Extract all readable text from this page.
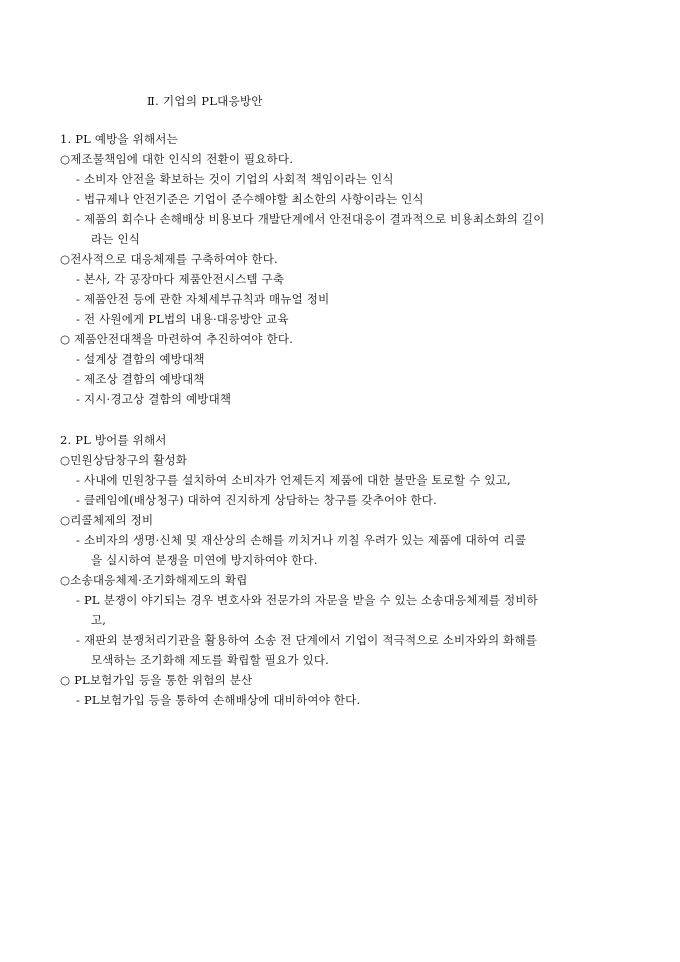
Ⅱ. 기업의 PL대응방안
1. PL 예방을 위해서는
○제조물책임에 대한 인식의 전환이 필요하다.
- 소비자 안전을 확보하는 것이 기업의 사회적 책임이라는 인식
- 법규제나 안전기준은 기업이 준수해야할 최소한의 사항이라는 인식
- 제품의 회수나 손해배상 비용보다 개발단계에서 안전대응이 결과적으로 비용최소화의 길이
라는 인식
○전사적으로 대응체제를 구축하여야 한다.
- 본사, 각 공장마다 제품안전시스템 구축
- 제품안전 등에 관한 자체세부규칙과 매뉴얼 정비
- 전 사원에게 PL법의 내용·대응방안 교육
○ 제품안전대책을 마련하여 추진하여야 한다.
- 설계상 결함의 예방대책
- 제조상 결함의 예방대책
- 지시·경고상 결함의 예방대책
2. PL 방어를 위해서
○민원상담창구의 활성화
- 사내에 민원창구를 설치하여 소비자가 언제든지 제품에 대한 불만을 토로할 수 있고,
- 클레임에(배상청구) 대하여 진지하게 상담하는 창구를 갖추어야 한다.
○리콜체제의 정비
- 소비자의 생명·신체 및 재산상의 손해를 끼치거나 끼칠 우려가 있는 제품에 대하여 리콜
을 실시하여 분쟁을 미연에 방지하여야 한다.
○소송대응체제·조기화해제도의 확립
- PL 분쟁이 야기되는 경우 변호사와 전문가의 자문을 받을 수 있는 소송대응체제를 정비하
고,
- 재판외 분쟁처리기관을 활용하여 소송 전 단계에서 기업이 적극적으로 소비자와의 화해를
모색하는 조기화해 제도를 확립할 필요가 있다.
○ PL보험가입 등을 통한 위험의 분산
- PL보험가입 등을 통하여 손해배상에 대비하여야 한다.
